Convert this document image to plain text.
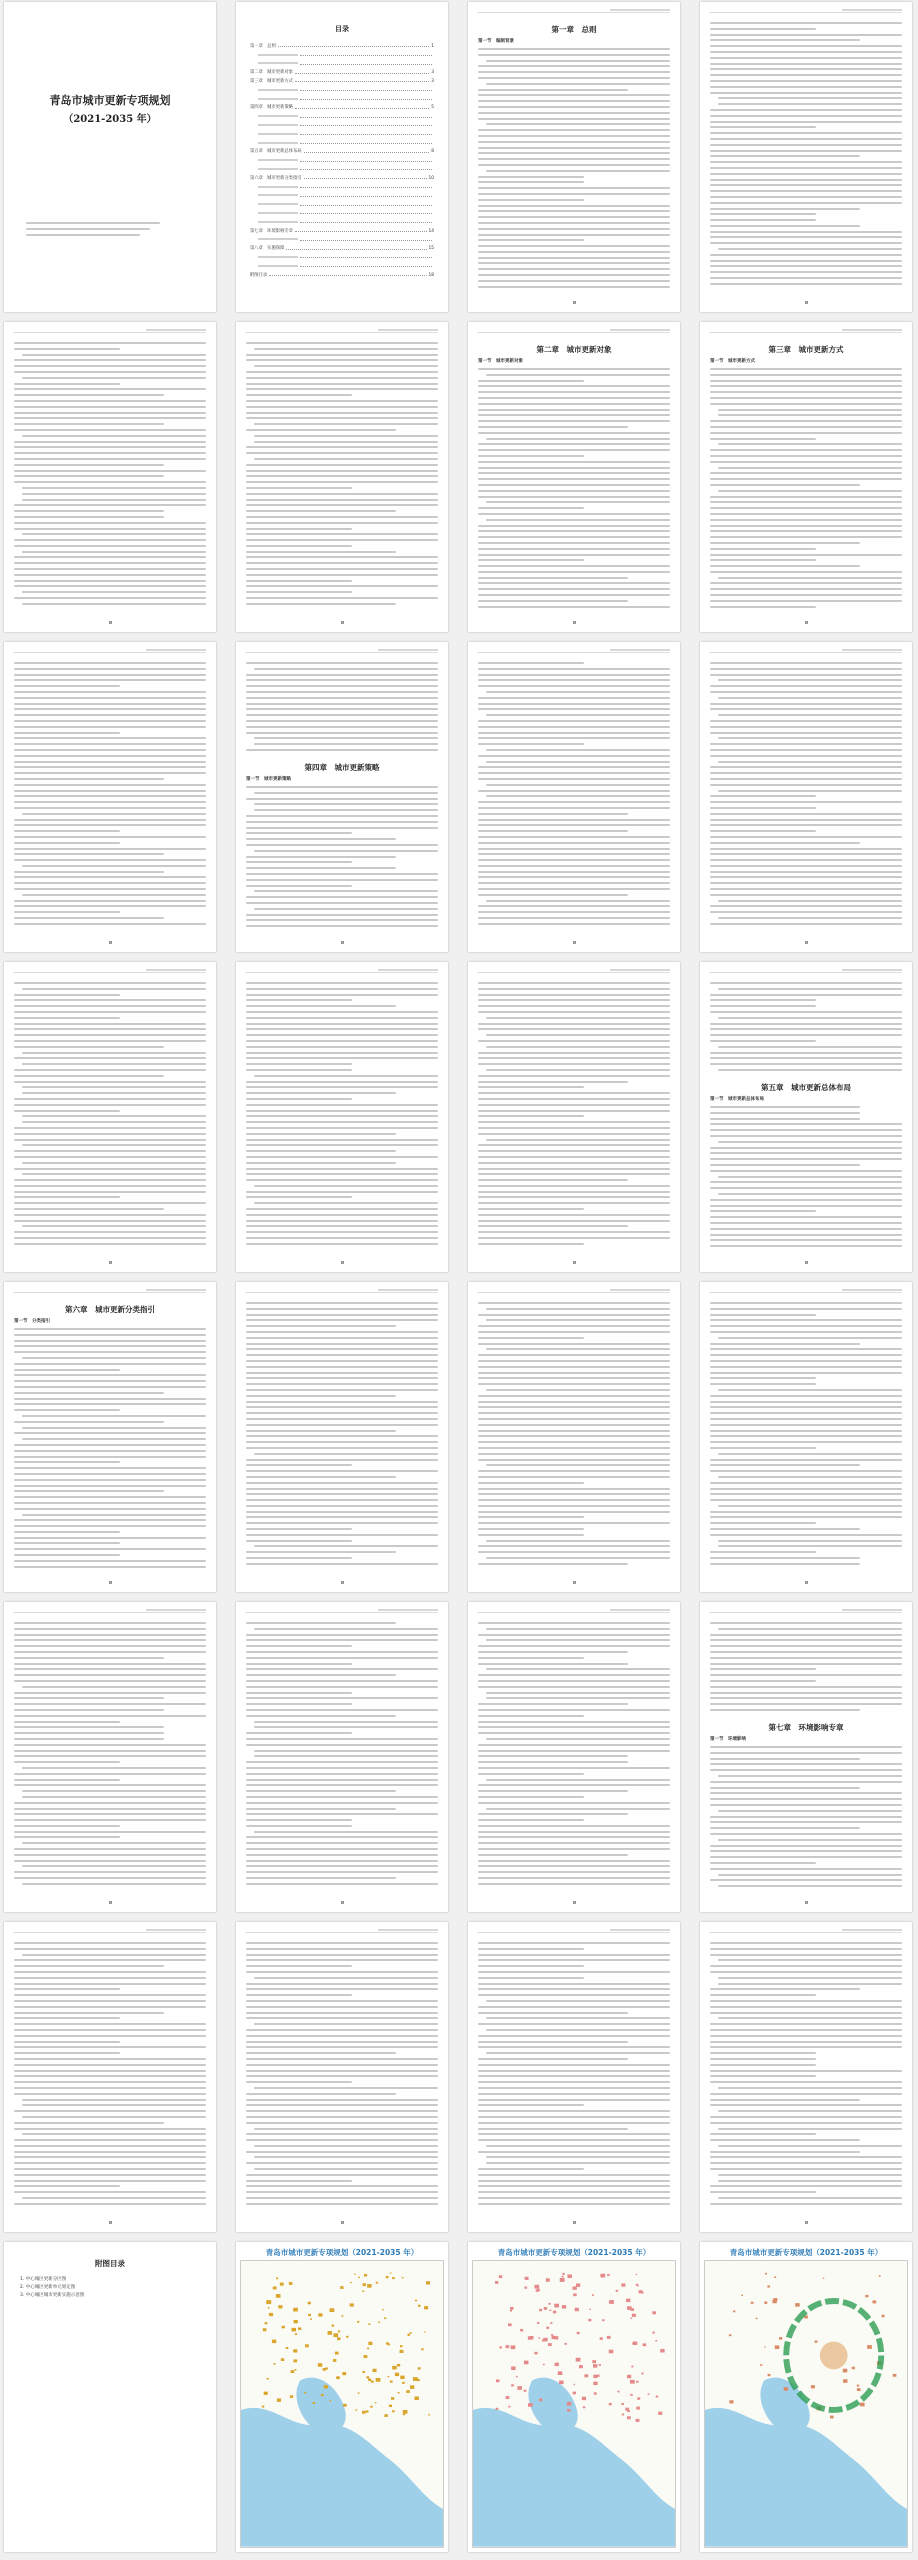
青岛市城市更新专项规划
（2021-2035 年）
目录
第一章　总则	1
第二章　城市更新对象	3
第三章　城市更新方式	3
第四章　城市更新策略	5
第五章　城市更新总体布局	8
第六章　城市更新分类指引	10
第七章　环境影响专章	14
第八章　实施保障	15
附图目录	18
第一章　总则
第一节　编制背景
第二章　城市更新对象
第一节　城市更新对象
第三章　城市更新方式
第一节　城市更新方式
第四章　城市更新策略
第一节　城市更新策略
第五章　城市更新总体布局
第一节　城市更新总体布局
第六章　城市更新分类指引
第一节　分类指引
第七章　环境影响专章
第一节　环境影响
附图目录
1. 中心城区更新分区图
2. 中心城区更新单元划定图
3. 中心城区城市更新实施示意图
青岛市城市更新专项规划（2021-2035 年）	青岛市城市更新专项规划（2021-2035 年）	青岛市城市更新专项规划（2021-2035 年）
